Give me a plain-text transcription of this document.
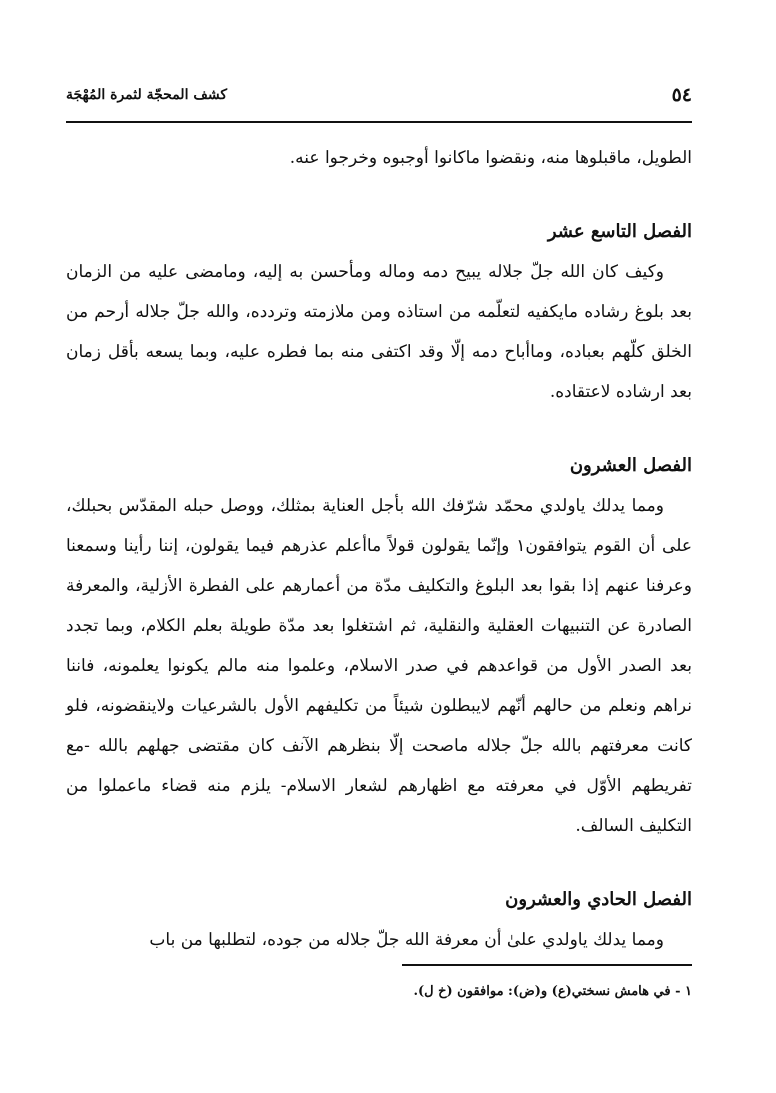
٥٤
كشف المحجّة لثمرة المُهْجَة

الطويل، ماقبلوها منه، ونقضوا ماكانوا أوجبوه وخرجوا عنه.

الفصل التاسع عشر

وكيف كان الله جلّ جلاله يبيح دمه وماله ومأحسن به إليه، ومامضى عليه من الزمان بعد بلوغ رشاده مايكفيه لتعلّمه من استاذه ومن ملازمته وتردده، والله جلّ جلاله أرحم من الخلق كلّهم بعباده، وماأباح دمه إلّا وقد اكتفى منه بما فطره عليه، وبما يسعه بأقل زمان بعد ارشاده لاعتقاده.

الفصل العشرون

ومما يدلك ياولدي محمّد شرّفك الله بأجل العناية بمثلك، ووصل حبله المقدّس بحبلك، على أن القوم يتوافقون١ وإنّما يقولون قولاً ماأعلم عذرهم فيما يقولون، إننا رأينا وسمعنا وعرفنا عنهم إذا بقوا بعد البلوغ والتكليف مدّة من أعمارهم على الفطرة الأزلية، والمعرفة الصادرة عن التنبيهات العقلية والنقلية، ثم اشتغلوا بعد مدّة طويلة بعلم الكلام، وبما تجدد بعد الصدر الأول من قواعدهم في صدر الاسلام، وعلموا منه مالم يكونوا يعلمونه، فاننا نراهم ونعلم من حالهم أنّهم لايبطلون شيئاً من تكليفهم الأول بالشرعيات ولاينقضونه، فلو كانت معرفتهم بالله جلّ جلاله ماصحت إلّا بنظرهم الآنف كان مقتضى جهلهم بالله -مع تفريطهم الأوّل في معرفته مع اظهارهم لشعار الاسلام- يلزم منه قضاء ماعملوا من التكليف السالف.

الفصل الحادي والعشرون

ومما يدلك ياولدي علىٰ أن معرفة الله جلّ جلاله من جوده، لتطلبها من باب

١ - في هامش نسختي(ع) و(ض): موافقون (خ ل).
